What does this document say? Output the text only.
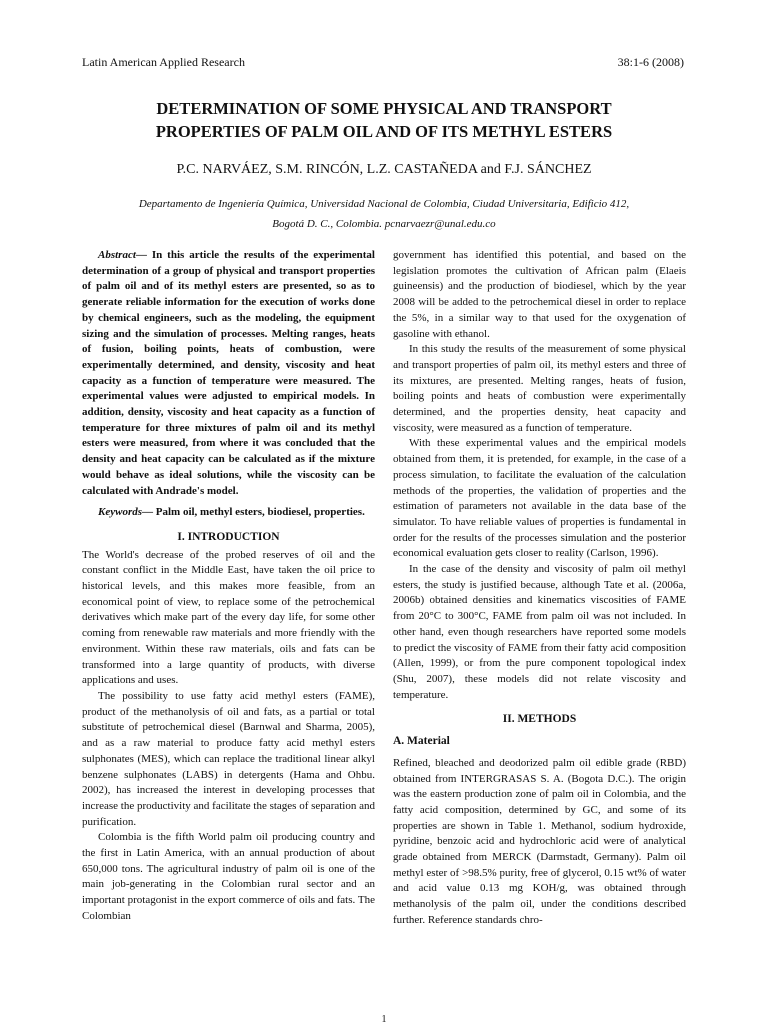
Latin American Applied Research	38:1-6 (2008)
DETERMINATION OF SOME PHYSICAL AND TRANSPORT
PROPERTIES OF PALM OIL AND OF ITS METHYL ESTERS
P.C. NARVÁEZ, S.M. RINCÓN, L.Z. CASTAÑEDA and F.J. SÁNCHEZ
Departamento de Ingeniería Química, Universidad Nacional de Colombia, Ciudad Universitaria, Edificio 412,
Bogotá D. C., Colombia. pcnarvaezr@unal.edu.co

Abstract— In this article the results of the experimental determination of a group of physical and transport properties of palm oil and of its methyl esters are presented, so as to generate reliable information for the execution of works done by chemical engineers, such as the modeling, the equipment sizing and the simulation of processes. Melting ranges, heats of fusion, boiling points, heats of combustion, were experimentally determined, and density, viscosity and heat capacity as a function of temperature were measured. The experimental values were adjusted to empirical models. In addition, density, viscosity and heat capacity as a function of temperature for three mixtures of palm oil and its methyl esters were measured, from where it was concluded that the density and heat capacity can be calculated as if the mixture would behave as ideal solutions, while the viscosity can be calculated with Andrade's model.

Keywords— Palm oil, methyl esters, biodiesel, properties.

I. INTRODUCTION

The World's decrease of the probed reserves of oil and the constant conflict in the Middle East, have taken the oil price to historical levels, and this makes more feasible, from an economical point of view, to replace some of the petrochemical derivatives which make part of the every day life, for some other coming from renewable raw materials and more friendly with the environment. Within these raw materials, oils and fats can be transformed into a large quantity of products, with diverse applications and uses.

The possibility to use fatty acid methyl esters (FAME), product of the methanolysis of oil and fats, as a partial or total substitute of petrochemical diesel (Barnwal and Sharma, 2005), and as a raw material to produce fatty acid methyl esters sulphonates (MES), which can replace the traditional linear alkyl benzene sulphonates (LABS) in detergents (Hama and Ohbu. 2002), has increased the interest in developing processes that increase the productivity and facilitate the stages of separation and purification.

Colombia is the fifth World palm oil producing country and the first in Latin America, with an annual production of about 650,000 tons. The agricultural industry of palm oil is one of the main job-generating in the Colombian rural sector and an important protagonist in the export commerce of oils and fats. The Colombian

government has identified this potential, and based on the legislation promotes the cultivation of African palm (Elaeis guineensis) and the production of biodiesel, which by the year 2008 will be added to the petrochemical diesel in order to replace the 5%, in a similar way to that used for the oxygenation of gasoline with ethanol.

In this study the results of the measurement of some physical and transport properties of palm oil, its methyl esters and three of its mixtures, are presented. Melting ranges, heats of fusion, boiling points and heats of combustion were experimentally determined, and the properties density, heat capacity and viscosity, were measured as a function of temperature.

With these experimental values and the empirical models obtained from them, it is pretended, for example, in the case of a process simulation, to facilitate the evaluation of the calculation methods of the properties, the validation of properties and the estimation of parameters not available in the data base of the simulator. To have reliable values of properties is fundamental in order for the results of the processes simulation and the posterior economical evaluation gets closer to reality (Carlson, 1996).

In the case of the density and viscosity of palm oil methyl esters, the study is justified because, although Tate et al. (2006a, 2006b) obtained densities and kinematics viscosities of FAME from 20°C to 300°C, FAME from palm oil was not included. In other hand, even though researchers have reported some models to predict the viscosity of FAME from their fatty acid composition (Allen, 1999), or from the pure component topological index (Shu, 2007), these models did not relate viscosity and temperature.

II. METHODS
A. Material

Refined, bleached and deodorized palm oil edible grade (RBD) obtained from INTERGRASAS S. A. (Bogota D.C.). The origin was the eastern production zone of palm oil in Colombia, and the fatty acid composition, determined by GC, and some of its properties are shown in Table 1. Methanol, sodium hydroxide, pyridine, benzoic acid and hydrochloric acid were of analytical grade obtained from MERCK (Darmstadt, Germany). Palm oil methyl ester of >98.5% purity, free of glycerol, 0.15 wt% of water and acid value 0.13 mg KOH/g, was obtained through methanolysis of the palm oil, under the conditions described further. Reference standards chro-

1
